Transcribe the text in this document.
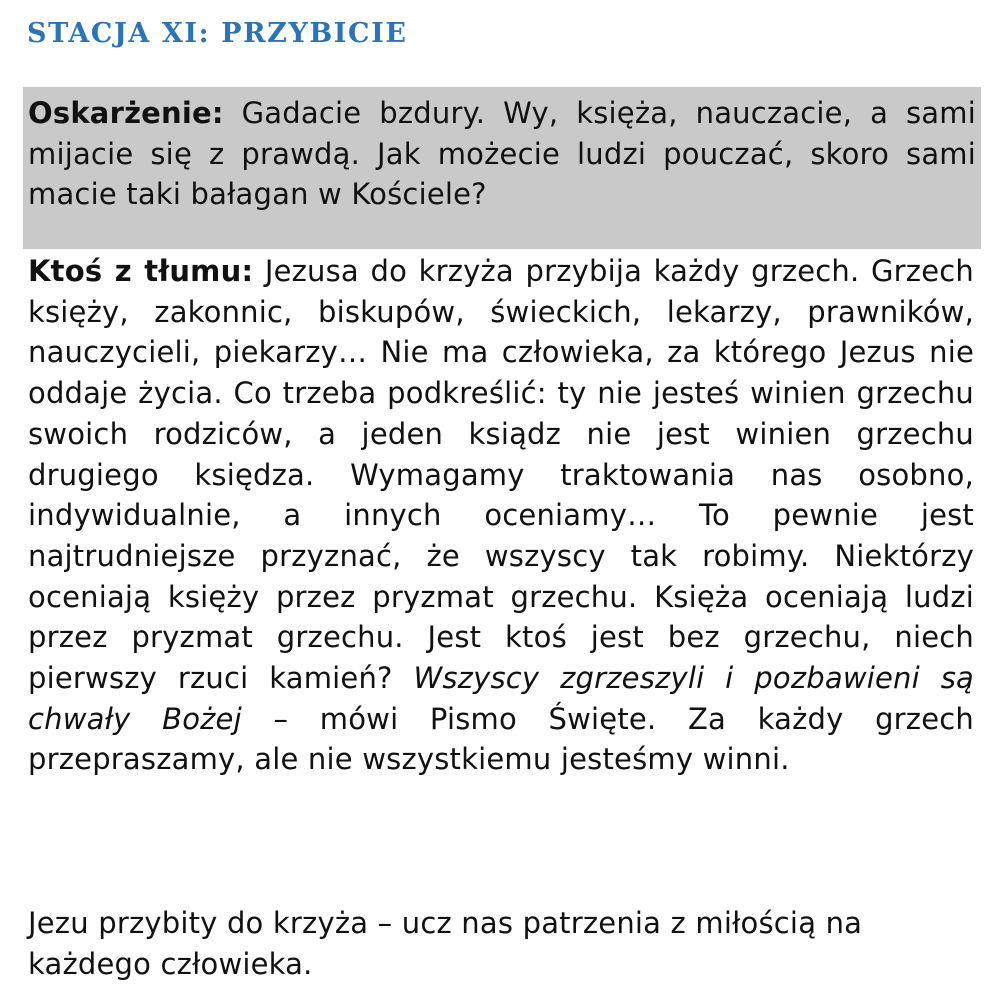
STACJA XI: PRZYBICIE

Oskarżenie: Gadacie bzdury. Wy, księża, nauczacie, a sami mijacie się z prawdą. Jak możecie ludzi pouczać, skoro sami macie taki bałagan w Kościele?

Ktoś z tłumu: Jezusa do krzyża przybija każdy grzech. Grzech księży, zakonnic, biskupów, świeckich, lekarzy, prawników, nauczycieli, piekarzy… Nie ma człowieka, za którego Jezus nie oddaje życia. Co trzeba podkreślić: ty nie jesteś winien grzechu swoich rodziców, a jeden ksiądz nie jest winien grzechu drugiego księdza. Wymagamy traktowania nas osobno, indywidualnie, a innych oceniamy… To pewnie jest najtrudniejsze przyznać, że wszyscy tak robimy. Niektórzy oceniają księży przez pryzmat grzechu. Księża oceniają ludzi przez pryzmat grzechu. Jest ktoś jest bez grzechu, niech pierwszy rzuci kamień? Wszyscy zgrzeszyli i pozbawieni są chwały Bożej – mówi Pismo Święte. Za każdy grzech przepraszamy, ale nie wszystkiemu jesteśmy winni.

Jezu przybity do krzyża – ucz nas patrzenia z miłością na każdego człowieka.
